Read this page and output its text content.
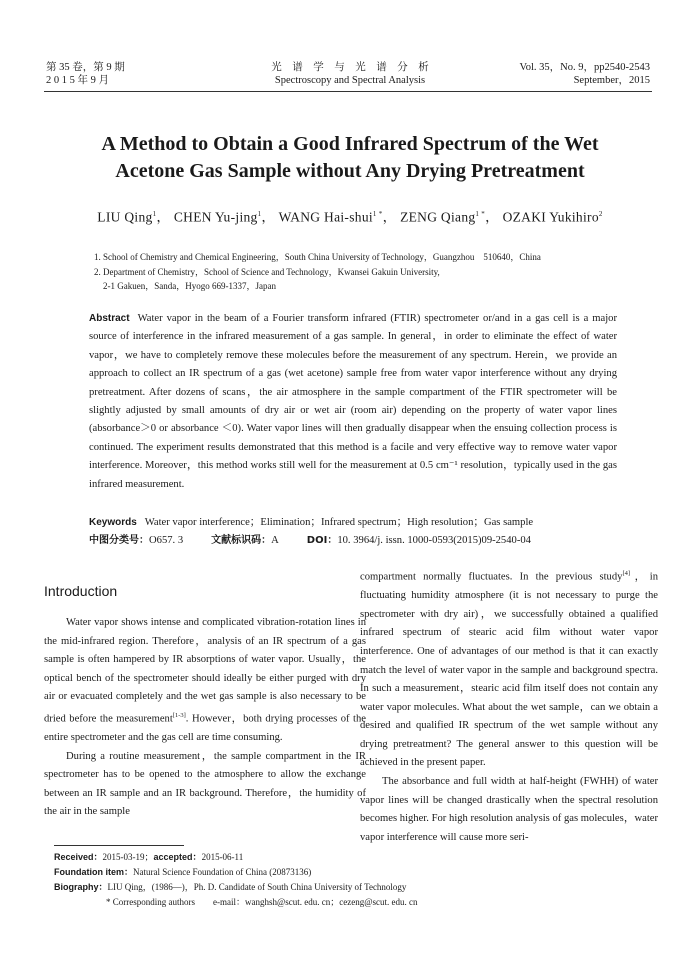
第 35 卷，第 9 期
2 0 1 5 年 9 月
光　谱　学　与　光　谱　分　析
Spectroscopy and Spectral Analysis
Vol. 35，No. 9，pp2540-2543
September，2015
A Method to Obtain a Good Infrared Spectrum of the Wet
Acetone Gas Sample without Any Drying Pretreatment
LIU Qing$^1$， CHEN Yu-jing$^1$， WANG Hai-shui$^{1 *}$， ZENG Qiang$^{1 *}$， OZAKI Yukihiro$^2$
1. School of Chemistry and Chemical Engineering，South China University of Technology，Guangzhou　510640，China
2. Department of Chemistry，School of Science and Technology，Kwansei Gakuin University,
2-1 Gakuen，Sanda，Hyogo 669-1337，Japan
Abstract Water vapor in the beam of a Fourier transform infrared (FTIR) spectrometer or/and in a gas cell is a major source of interference in the infrared measurement of a gas sample. In general，in order to eliminate the effect of water vapor，we have to completely remove these molecules before the measurement of any spectrum. Herein，we provide an approach to collect an IR spectrum of a gas (wet acetone) sample free from water vapor interference without any drying pretreatment. After dozens of scans，the air atmosphere in the sample compartment of the FTIR spectrometer will be slightly adjusted by small amounts of dry air or wet air (room air) depending on the property of water vapor lines (absorbance＞0 or absorbance ＜0). Water vapor lines will then gradually disappear when the ensuing collection process is continued. The experiment results demonstrated that this method is a facile and very effective way to remove water vapor interference. Moreover，this method works still well for the measurement at 0.5 cm⁻¹ resolution，typically used in the gas infrared measurement.
Keywords Water vapor interference；Elimination；Infrared spectrum；High resolution；Gas sample
中图分类号：O657. 3	文献标识码：A	DOI：10. 3964/j. issn. 1000-0593(2015)09-2540-04
Introduction

Water vapor shows intense and complicated vibration-rotation lines in the mid-infrared region. Therefore，analysis of an IR spectrum of a gas sample is often hampered by IR absorptions of water vapor. Usually，the optical bench of the spectrometer should ideally be either purged with dry air or evacuated completely and the wet gas sample is also necessary to be dried before the measurement[1-3]. However，both drying processes of the entire spectrometer and the gas cell are time consuming.

During a routine measurement，the sample compartment in the IR spectrometer has to be opened to the atmosphere to allow the exchange between an IR sample and an IR background. Therefore，the humidity of the air in the sample

compartment normally fluctuates. In the previous study[4]，in fluctuating humidity atmosphere (it is not necessary to purge the spectrometer with dry air)，we successfully obtained a qualified infrared spectrum of stearic acid film without water vapor interference. One of advantages of our method is that it can exactly match the level of water vapor in the sample and background spectra. In such a measurement，stearic acid film itself does not contain any water vapor molecules. What about the wet sample，can we obtain a desired and qualified IR spectrum of the wet sample without any drying pretreatment? The general answer to this question will be achieved in the present paper.

The absorbance and full width at half-height (FWHH) of water vapor lines will be changed drastically when the spectral resolution becomes higher. For high resolution analysis of gas molecules，water vapor interference will cause more seri-

Received：2015-03-19；accepted：2015-06-11
Foundation item：Natural Science Foundation of China (20873136)
Biography：LIU Qing，(1986—)，Ph. D. Candidate of South China University of Technology
* Corresponding authors　　e-mail：wanghsh@scut. edu. cn；cezeng@scut. edu. cn
